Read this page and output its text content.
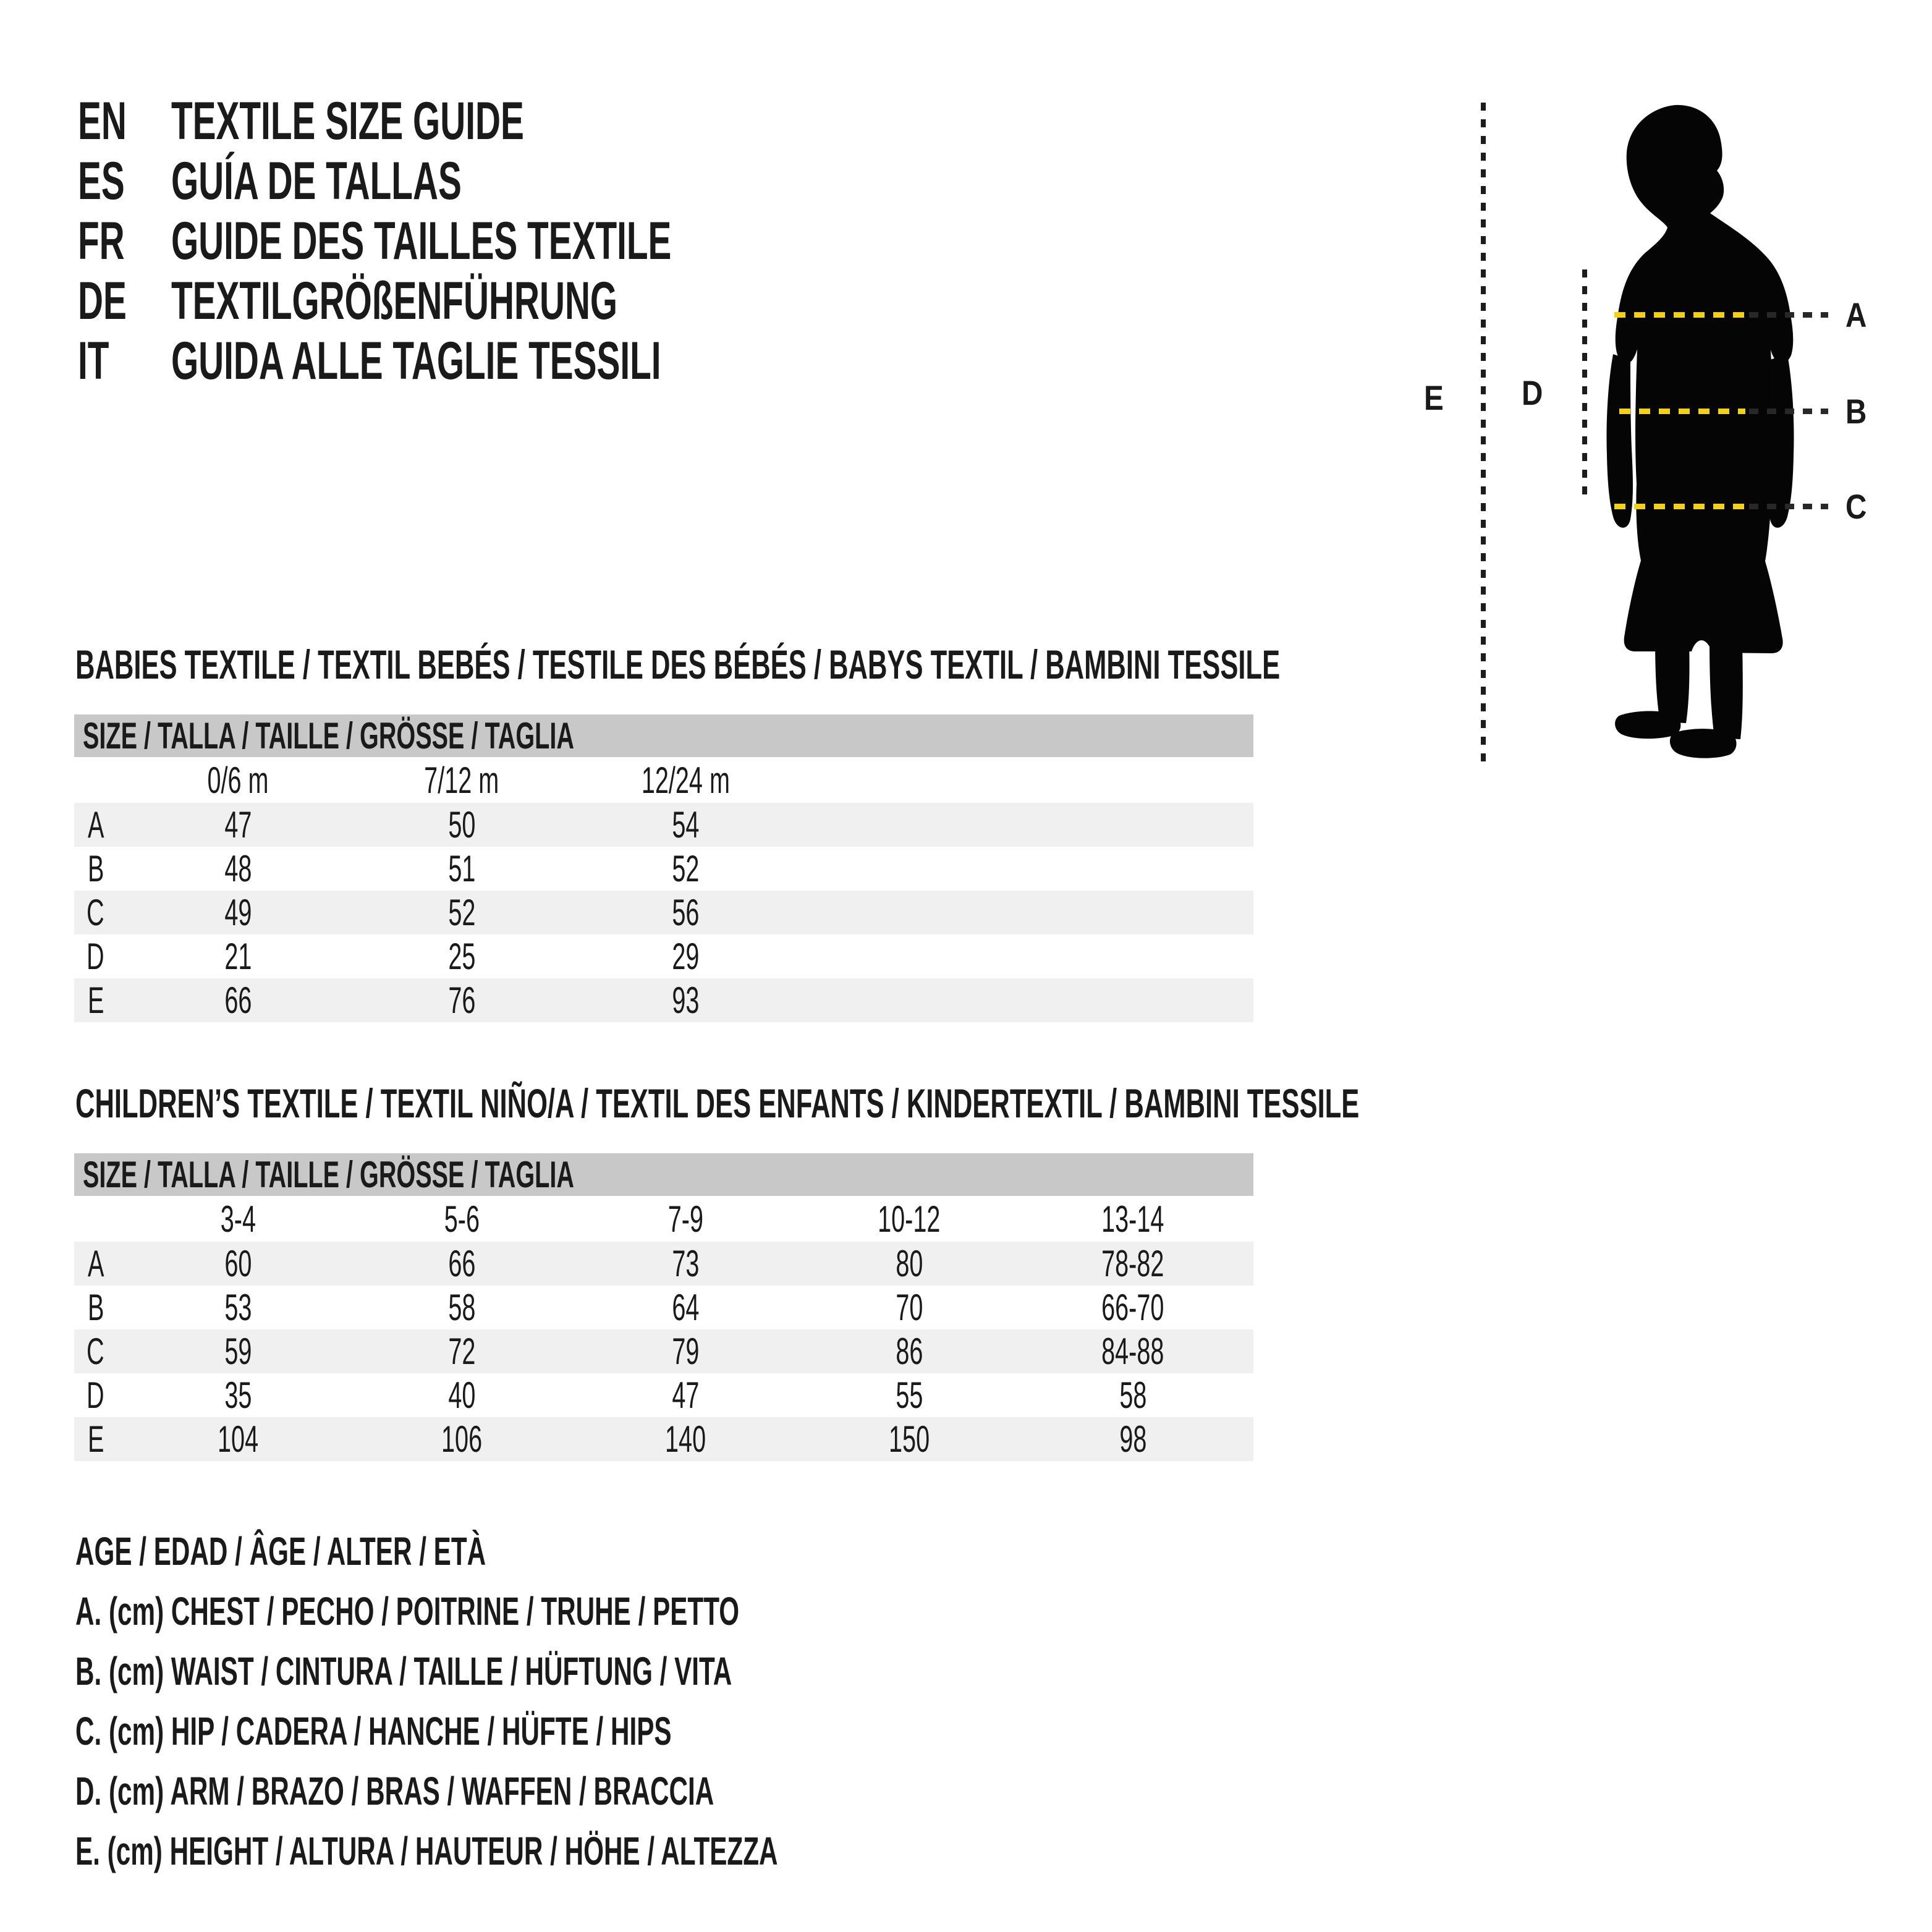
EN TEXTILE SIZE GUIDE
ES GUÍA DE TALLAS
FR GUIDE DES TAILLES TEXTILE
DE TEXTILGRÖßENFÜHRUNG
IT GUIDA ALLE TAGLIE TESSILI
A
B
C
D
E
BABIES TEXTILE / TEXTIL BEBÉS / TESTILE DES BÉBÉS / BABYS TEXTIL / BAMBINI TESSILE
SIZE / TALLA / TAILLE / GRÖSSE / TAGLIA				
	0/6 m	7/12 m	12/24 m	
A	47	50	54	
B	48	51	52	
C	49	52	56	
D	21	25	29	
E	66	76	93	
CHILDREN’S TEXTILE / TEXTIL NIÑO/A / TEXTIL DES ENFANTS / KINDERTEXTIL / BAMBINI TESSILE
SIZE / TALLA / TAILLE / GRÖSSE / TAGLIA						
	3-4	5-6	7-9	10-12	13-14	
A	60	66	73	80	78-82	
B	53	58	64	70	66-70	
C	59	72	79	86	84-88	
D	35	40	47	55	58	
E	104	106	140	150	98	
AGE / EDAD / ÂGE / ALTER / ETÀ
A. (cm) CHEST / PECHO / POITRINE / TRUHE / PETTO
B. (cm) WAIST / CINTURA / TAILLE / HÜFTUNG / VITA
C. (cm) HIP / CADERA / HANCHE / HÜFTE / HIPS
D. (cm) ARM / BRAZO / BRAS / WAFFEN / BRACCIA
E. (cm) HEIGHT / ALTURA / HAUTEUR / HÖHE / ALTEZZA
